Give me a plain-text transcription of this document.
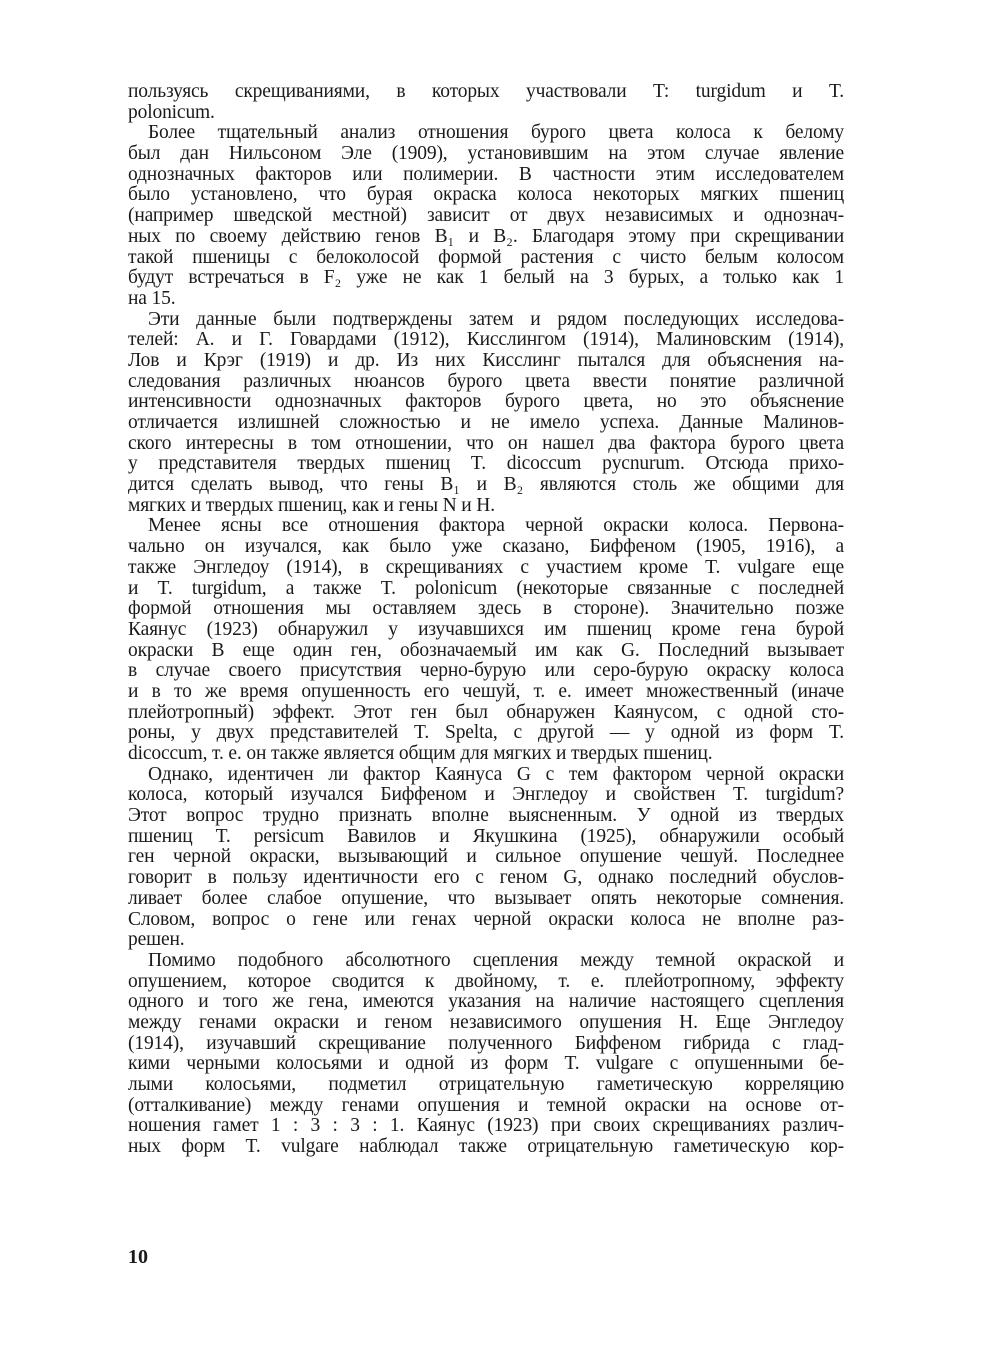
пользуясь скрещиваниями, в которых участвовали T: turgidum и T.
polonicum.
Более тщательный анализ отношения бурого цвета колоса к белому
был дан Нильсоном Эле (1909), установившим на этом случае явление
однозначных факторов или полимерии. В частности этим исследователем
было установлено, что бурая окраска колоса некоторых мягких пшениц
(например шведской местной) зависит от двух независимых и однознач-
ных по своему действию генов B₁ и B₂. Благодаря этому при скрещивании
такой пшеницы с белоколосой формой растения с чисто белым колосом
будут встречаться в F₂ уже не как 1 белый на 3 бурых, а только как 1
на 15.
Эти данные были подтверждены затем и рядом последующих исследова-
телей: А. и Г. Говардами (1912), Кисслингом (1914), Малиновским (1914),
Лов и Крэг (1919) и др. Из них Кисслинг пытался для объяснения на-
следования различных нюансов бурого цвета ввести понятие различной
интенсивности однозначных факторов бурого цвета, но это объяснение
отличается излишней сложностью и не имело успеха. Данные Малинов-
ского интересны в том отношении, что он нашел два фактора бурого цвета
у представителя твердых пшениц T. dicoccum pycnurum. Отсюда прихо-
дится сделать вывод, что гены B₁ и B₂ являются столь же общими для
мягких и твердых пшениц, как и гены N и H.
Менее ясны все отношения фактора черной окраски колоса. Первона-
чально он изучался, как было уже сказано, Биффеном (1905, 1916), а
также Энгледоу (1914), в скрещиваниях с участием кроме T. vulgare еще
и T. turgidum, а также T. polonicum (некоторые связанные с последней
формой отношения мы оставляем здесь в стороне). Значительно позже
Каянус (1923) обнаружил у изучавшихся им пшениц кроме гена бурой
окраски B еще один ген, обозначаемый им как G. Последний вызывает
в случае своего присутствия черно-бурую или серо-бурую окраску колоса
и в то же время опушенность его чешуй, т. е. имеет множественный (иначе
плейотропный) эффект. Этот ген был обнаружен Каянусом, с одной сто-
роны, у двух представителей T. Spelta, с другой — у одной из форм T.
dicoccum, т. е. он также является общим для мягких и твердых пшениц.
Однако, идентичен ли фактор Каянуса G с тем фактором черной окраски
колоса, который изучался Биффеном и Энгледоу и свойствен T. turgidum?
Этот вопрос трудно признать вполне выясненным. У одной из твердых
пшениц T. persicum Вавилов и Якушкина (1925), обнаружили особый
ген черной окраски, вызывающий и сильное опушение чешуй. Последнее
говорит в пользу идентичности его с геном G, однако последний обуслов-
ливает более слабое опушение, что вызывает опять некоторые сомнения.
Словом, вопрос о гене или генах черной окраски колоса не вполне раз-
решен.
Помимо подобного абсолютного сцепления между темной окраской и
опушением, которое сводится к двойному, т. е. плейотропному, эффекту
одного и того же гена, имеются указания на наличие настоящего сцепления
между генами окраски и геном независимого опушения H. Еще Энгледоу
(1914), изучавший скрещивание полученного Биффеном гибрида с глад-
кими черными колосьями и одной из форм T. vulgare с опушенными бе-
лыми колосьями, подметил отрицательную гаметическую корреляцию
(отталкивание) между генами опушения и темной окраски на основе от-
ношения гамет 1 : 3 : 3 : 1. Каянус (1923) при своих скрещиваниях различ-
ных форм T. vulgare наблюдал также отрицательную гаметическую кор-
10
